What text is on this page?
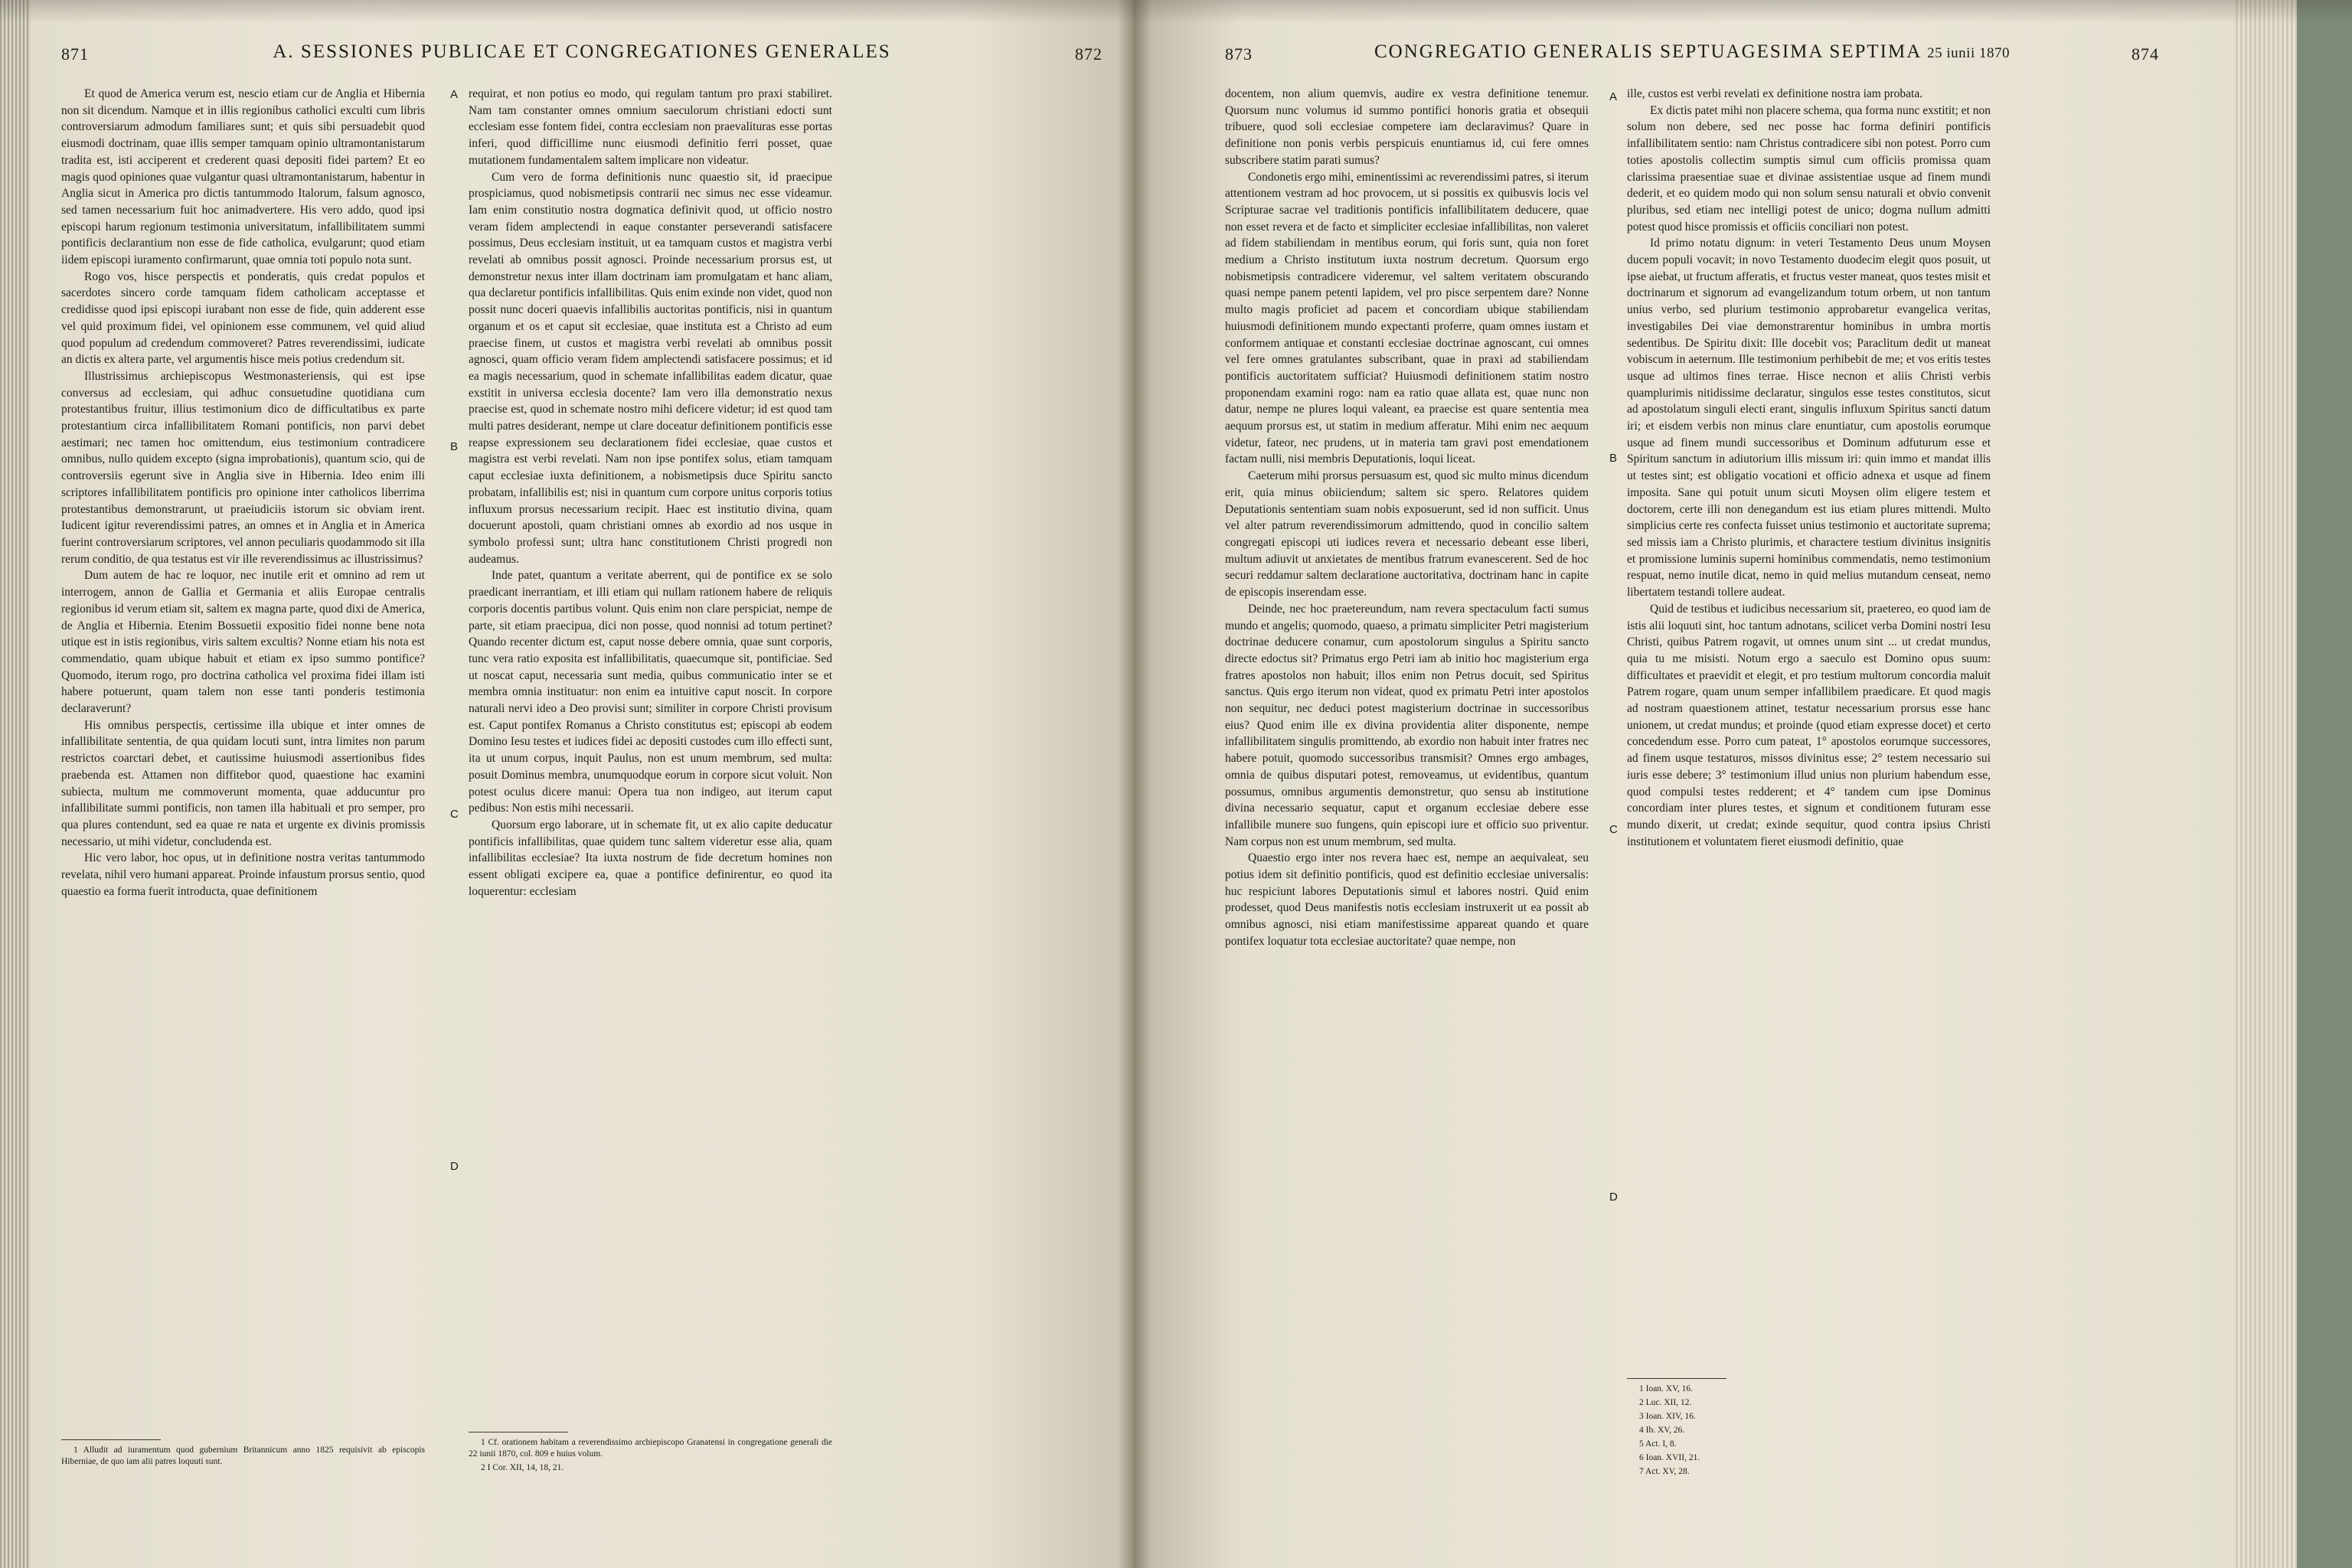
871	A. SESSIONES PUBLICAE ET CONGREGATIONES GENERALES	872

Et quod de America verum est, nescio etiam cur de Anglia et Hibernia non sit dicendum. Namque et in illis regionibus catholici exculti cum libris controversiarum admodum familiares sunt; et quis sibi persuadebit quod eiusmodi doctrinam, quae illis semper tamquam opinio ultramontanistarum tradita est, isti acciperent et crederent quasi depositi fidei partem? Et eo magis quod opiniones quae vulgantur quasi ultramontanistarum, habentur in Anglia sicut in America pro dictis tantummodo Italorum, falsum agnosco, sed tamen necessarium fuit hoc animadvertere. His vero addo, quod ipsi episcopi harum regionum testimonia universitatum, infallibilitatem summi pontificis declarantium non esse de fide catholica, evulgarunt; quod etiam iidem episcopi iuramento confirmarunt, quae omnia toti populo nota sunt.

Rogo vos, hisce perspectis et ponderatis, quis credat populos et sacerdotes sincero corde tamquam fidem catholicam acceptasse et credidisse quod ipsi episcopi iurabant non esse de fide, quin adderent esse vel quid proximum fidei, vel opinionem esse communem, vel quid aliud quod populum ad credendum commoveret? Patres reverendissimi, iudicate an dictis ex altera parte, vel argumentis hisce meis potius credendum sit.

Illustrissimus archiepiscopus Westmonasteriensis, qui est ipse conversus ad ecclesiam, qui adhuc consuetudine quotidiana cum protestantibus fruitur, illius testimonium dico de difficultatibus ex parte protestantium circa infallibilitatem Romani pontificis, non parvi debet aestimari; nec tamen hoc omittendum, eius testimonium contradicere omnibus, nullo quidem excepto (signa improbationis), quantum scio, qui de controversiis egerunt sive in Anglia sive in Hibernia. Ideo enim illi scriptores infallibilitatem pontificis pro opinione inter catholicos liberrima protestantibus demonstrarunt, ut praeiudiciis istorum sic obviam irent. Iudicent igitur reverendissimi patres, an omnes et in Anglia et in America fuerint controversiarum scriptores, vel annon peculiaris quodammodo sit illa rerum conditio, de qua testatus est vir ille reverendissimus ac illustrissimus?

Dum autem de hac re loquor, nec inutile erit et omnino ad rem ut interrogem, annon de Gallia et Germania et aliis Europae centralis regionibus id verum etiam sit, saltem ex magna parte, quod dixi de America, de Anglia et Hibernia. Etenim Bossuetii expositio fidei nonne bene nota utique est in istis regionibus, viris saltem excultis? Nonne etiam his nota est commendatio, quam ubique habuit et etiam ex ipso summo pontifice? Quomodo, iterum rogo, pro doctrina catholica vel proxima fidei illam isti habere potuerunt, quam talem non esse tanti ponderis testimonia declaraverunt?

His omnibus perspectis, certissime illa ubique et inter omnes de infallibilitate sententia, de qua quidam locuti sunt, intra limites non parum restrictos coarctari debet, et cautissime huiusmodi assertionibus fides praebenda est. Attamen non diffitebor quod, quaestione hac examini subiecta, multum me commoverunt momenta, quae adducuntur pro infallibilitate summi pontificis, non tamen illa habituali et pro semper, pro qua plures contendunt, sed ea quae re nata et urgente ex divinis promissis necessario, ut mihi videtur, concludenda est.

Hic vero labor, hoc opus, ut in definitione nostra veritas tantummodo revelata, nihil vero humani appareat. Proinde infaustum prorsus sentio, quod quaestio ea forma fuerit introducta, quae definitionem

1 Alludit ad iuramentum quod gubernium Britannicum anno 1825 requisivit ab episcopis Hiberniae, de quo iam alii patres loquuti sunt.

A
B
C
D

requirat, et non potius eo modo, qui regulam tantum pro praxi stabiliret. Nam tam constanter omnes omnium saeculorum christiani edocti sunt ecclesiam esse fontem fidei, contra ecclesiam non praevalituras esse portas inferi, quod difficillime nunc eiusmodi definitio ferri posset, quae mutationem fundamentalem saltem implicare non videatur.

Cum vero de forma definitionis nunc quaestio sit, id praecipue prospiciamus, quod nobismetipsis contrarii nec simus nec esse videamur. Iam enim constitutio nostra dogmatica definivit quod, ut officio nostro veram fidem amplectendi in eaque constanter perseverandi satisfacere possimus, Deus ecclesiam instituit, ut ea tamquam custos et magistra verbi revelati ab omnibus possit agnosci. Proinde necessarium prorsus est, ut demonstretur nexus inter illam doctrinam iam promulgatam et hanc aliam, qua declaretur pontificis infallibilitas. Quis enim exinde non videt, quod non possit nunc doceri quaevis infallibilis auctoritas pontificis, nisi in quantum organum et os et caput sit ecclesiae, quae instituta est a Christo ad eum praecise finem, ut custos et magistra verbi revelati ab omnibus possit agnosci, quam officio veram fidem amplectendi satisfacere possimus; et id ea magis necessarium, quod in schemate infallibilitas eadem dicatur, quae exstitit in universa ecclesia docente? Iam vero illa demonstratio nexus praecise est, quod in schemate nostro mihi deficere videtur; id est quod tam multi patres desiderant, nempe ut clare doceatur definitionem pontificis esse reapse expressionem seu declarationem fidei ecclesiae, quae custos et magistra est verbi revelati. Nam non ipse pontifex solus, etiam tamquam caput ecclesiae iuxta definitionem, a nobismetipsis duce Spiritu sancto probatam, infallibilis est; nisi in quantum cum corpore unitus corporis totius influxum prorsus necessarium recipit. Haec est institutio divina, quam docuerunt apostoli, quam christiani omnes ab exordio ad nos usque in symbolo professi sunt; ultra hanc constitutionem Christi progredi non audeamus.

Inde patet, quantum a veritate aberrent, qui de pontifice ex se solo praedicant inerrantiam, et illi etiam qui nullam rationem habere de reliquis corporis docentis partibus volunt. Quis enim non clare perspiciat, nempe de parte, sit etiam praecipua, dici non posse, quod nonnisi ad totum pertinet? Quando recenter dictum est, caput nosse debere omnia, quae sunt corporis, tunc vera ratio exposita est infallibilitatis, quaecumque sit, pontificiae. Sed ut noscat caput, necessaria sunt media, quibus communicatio inter se et membra omnia instituatur: non enim ea intuitive caput noscit. In corpore naturali nervi ideo a Deo provisi sunt; similiter in corpore Christi provisum est. Caput pontifex Romanus a Christo constitutus est; episcopi ab eodem Domino Iesu testes et iudices fidei ac depositi custodes cum illo effecti sunt, ita ut unum corpus, inquit Paulus, non est unum membrum, sed multa: posuit Dominus membra, unumquodque eorum in corpore sicut voluit. Non potest oculus dicere manui: Opera tua non indigeo, aut iterum caput pedibus: Non estis mihi necessarii.

Quorsum ergo laborare, ut in schemate fit, ut ex alio capite deducatur pontificis infallibilitas, quae quidem tunc saltem videretur esse alia, quam infallibilitas ecclesiae? Ita iuxta nostrum de fide decretum homines non essent obligati excipere ea, quae a pontifice definirentur, eo quod ita loquerentur: ecclesiam

1 Cf. orationem habitam a reverendissimo archiepiscopo Granatensi in congregatione generali die 22 iunii 1870, col. 809 e huius volum.

2 I Cor. XII, 14, 18, 21.

873	CONGREGATIO GENERALIS SEPTUAGESIMA SEPTIMA 25 iunii 1870	874

docentem, non alium quemvis, audire ex vestra definitione tenemur. Quorsum nunc volumus id summo pontifici honoris gratia et obsequii tribuere, quod soli ecclesiae competere iam declaravimus? Quare in definitione non ponis verbis perspicuis enuntiamus id, cui fere omnes subscribere statim parati sumus?

Condonetis ergo mihi, eminentissimi ac reverendissimi patres, si iterum attentionem vestram ad hoc provocem, ut si possitis ex quibusvis locis vel Scripturae sacrae vel traditionis pontificis infallibilitatem deducere, quae non esset revera et de facto et simpliciter ecclesiae infallibilitas, non valeret ad fidem stabiliendam in mentibus eorum, qui foris sunt, quia non foret medium a Christo institutum iuxta nostrum decretum. Quorsum ergo nobismetipsis contradicere videremur, vel saltem veritatem obscurando quasi nempe panem petenti lapidem, vel pro pisce serpentem dare? Nonne multo magis proficiet ad pacem et concordiam ubique stabiliendam huiusmodi definitionem mundo expectanti proferre, quam omnes iustam et conformem antiquae et constanti ecclesiae doctrinae agnoscant, cui omnes vel fere omnes gratulantes subscribant, quae in praxi ad stabiliendam pontificis auctoritatem sufficiat? Huiusmodi definitionem statim nostro proponendam examini rogo: nam ea ratio quae allata est, quae nunc non datur, nempe ne plures loqui valeant, ea praecise est quare sententia mea aequum prorsus est, ut statim in medium afferatur. Mihi enim nec aequum videtur, fateor, nec prudens, ut in materia tam gravi post emendationem factam nulli, nisi membris Deputationis, loqui liceat.

Caeterum mihi prorsus persuasum est, quod sic multo minus dicendum erit, quia minus obiiciendum; saltem sic spero. Relatores quidem Deputationis sententiam suam nobis exposuerunt, sed id non sufficit. Unus vel alter patrum reverendissimorum admittendo, quod in concilio saltem congregati episcopi uti iudices revera et necessario debeant esse liberi, multum adiuvit ut anxietates de mentibus fratrum evanescerent. Sed de hoc securi reddamur saltem declaratione auctoritativa, doctrinam hanc in capite de episcopis inserendam esse.

Deinde, nec hoc praetereundum, nam revera spectaculum facti sumus mundo et angelis; quomodo, quaeso, a primatu simpliciter Petri magisterium doctrinae deducere conamur, cum apostolorum singulus a Spiritu sancto directe edoctus sit? Primatus ergo Petri iam ab initio hoc magisterium erga fratres apostolos non habuit; illos enim non Petrus docuit, sed Spiritus sanctus. Quis ergo iterum non videat, quod ex primatu Petri inter apostolos non sequitur, nec deduci potest magisterium doctrinae in successoribus eius? Quod enim ille ex divina providentia aliter disponente, nempe infallibilitatem singulis promittendo, ab exordio non habuit inter fratres nec habere potuit, quomodo successoribus transmisit? Omnes ergo ambages, omnia de quibus disputari potest, removeamus, ut evidentibus, quantum possumus, omnibus argumentis demonstretur, quo sensu ab institutione divina necessario sequatur, caput et organum ecclesiae debere esse infallibile munere suo fungens, quin episcopi iure et officio suo priventur. Nam corpus non est unum membrum, sed multa.

Quaestio ergo inter nos revera haec est, nempe an aequivaleat, seu potius idem sit definitio pontificis, quod est definitio ecclesiae universalis: huc respiciunt labores Deputationis simul et labores nostri. Quid enim prodesset, quod Deus manifestis notis ecclesiam instruxerit ut ea possit ab omnibus agnosci, nisi etiam manifestissime appareat quando et quare pontifex loquatur tota ecclesiae auctoritate? quae nempe, non

A
B
C
D

ille, custos est verbi revelati ex definitione nostra iam probata.

Ex dictis patet mihi non placere schema, qua forma nunc exstitit; et non solum non debere, sed nec posse hac forma definiri pontificis infallibilitatem sentio: nam Christus contradicere sibi non potest. Porro cum toties apostolis collectim sumptis simul cum officiis promissa quam clarissima praesentiae suae et divinae assistentiae usque ad finem mundi dederit, et eo quidem modo qui non solum sensu naturali et obvio convenit pluribus, sed etiam nec intelligi potest de unico; dogma nullum admitti potest quod hisce promissis et officiis conciliari non potest.

Id primo notatu dignum: in veteri Testamento Deus unum Moysen ducem populi vocavit; in novo Testamento duodecim elegit quos posuit, ut ipse aiebat, ut fructum afferatis, et fructus vester maneat, quos testes misit et doctrinarum et signorum ad evangelizandum totum orbem, ut non tantum unius verbo, sed plurium testimonio approbaretur evangelica veritas, investigabiles Dei viae demonstrarentur hominibus in umbra mortis sedentibus. De Spiritu dixit: Ille docebit vos; Paraclitum dedit ut maneat vobiscum in aeternum. Ille testimonium perhibebit de me; et vos eritis testes usque ad ultimos fines terrae. Hisce necnon et aliis Christi verbis quamplurimis nitidissime declaratur, singulos esse testes constitutos, sicut ad apostolatum singuli electi erant, singulis influxum Spiritus sancti datum iri; et eisdem verbis non minus clare enuntiatur, cum apostolis eorumque usque ad finem mundi successoribus et Dominum adfuturum esse et Spiritum sanctum in adiutorium illis missum iri: quin immo et mandat illis ut testes sint; est obligatio vocationi et officio adnexa et usque ad finem imposita. Sane qui potuit unum sicuti Moysen olim eligere testem et doctorem, certe illi non denegandum est ius etiam plures mittendi. Multo simplicius certe res confecta fuisset unius testimonio et auctoritate suprema; sed missis iam a Christo plurimis, et charactere testium divinitus insignitis et promissione luminis superni hominibus commendatis, nemo testimonium respuat, nemo inutile dicat, nemo in quid melius mutandum censeat, nemo libertatem testandi tollere audeat.

Quid de testibus et iudicibus necessarium sit, praetereo, eo quod iam de istis alii loquuti sint, hoc tantum adnotans, scilicet verba Domini nostri Iesu Christi, quibus Patrem rogavit, ut omnes unum sint ... ut credat mundus, quia tu me misisti. Notum ergo a saeculo est Domino opus suum: difficultates et praevidit et elegit, et pro testium multorum concordia maluit Patrem rogare, quam unum semper infallibilem praedicare. Et quod magis ad nostram quaestionem attinet, testatur necessarium prorsus esse hanc unionem, ut credat mundus; et proinde (quod etiam expresse docet) et certo concedendum esse. Porro cum pateat, 1° apostolos eorumque successores, ad finem usque testaturos, missos divinitus esse; 2° testem necessario sui iuris esse debere; 3° testimonium illud unius non plurium habendum esse, quod compulsi testes redderent; et 4° tandem cum ipse Dominus concordiam inter plures testes, et signum et conditionem futuram esse mundo dixerit, ut credat; exinde sequitur, quod contra ipsius Christi institutionem et voluntatem fieret eiusmodi definitio, quae

1 Ioan. XV, 16.

2 Luc. XII, 12.

3 Ioan. XIV, 16.

4 Ib. XV, 26.

5 Act. I, 8.

6 Ioan. XVII, 21.

7 Act. XV, 28.
